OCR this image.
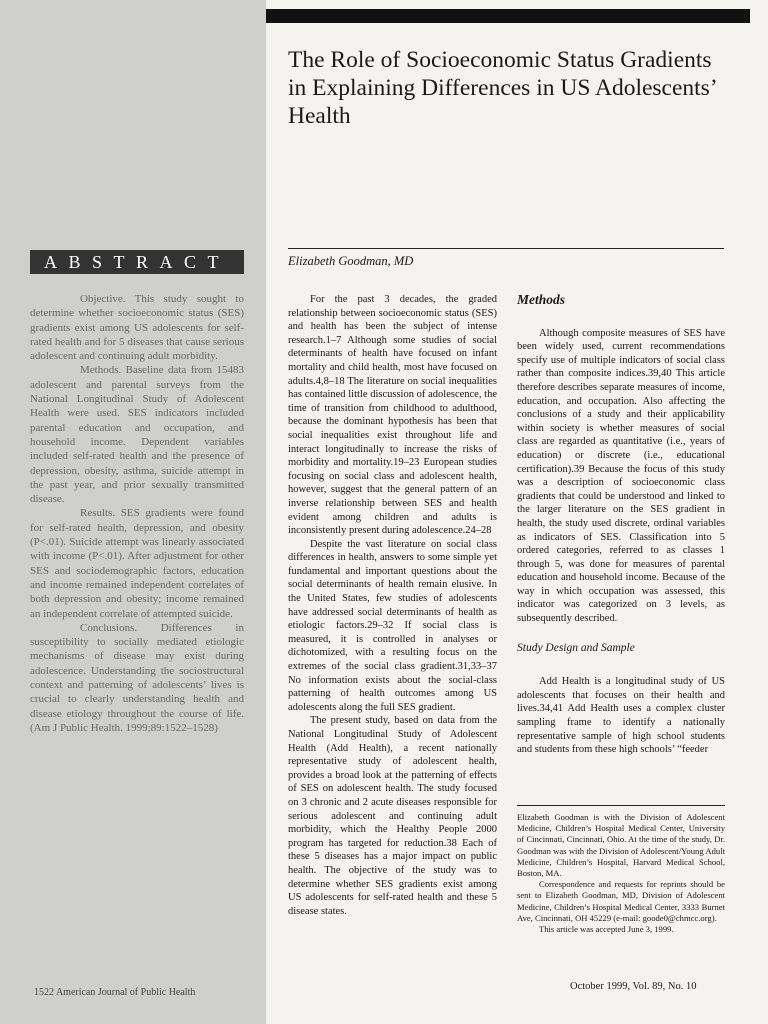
The Role of Socioeconomic Status Gradients in Explaining Differences in US Adolescents’ Health
ABSTRACT	Elizabeth Goodman, MD

Objective. This study sought to determine whether socioeconomic status (SES) gradients exist among US adolescents for self-rated health and for 5 diseases that cause serious adolescent and continuing adult morbidity.

Methods. Baseline data from 15483 adolescent and parental surveys from the National Longitudinal Study of Adolescent Health were used. SES indicators included parental education and occupation, and household income. Dependent variables included self-rated health and the presence of depression, obesity, asthma, suicide attempt in the past year, and prior sexually transmitted disease.

Results. SES gradients were found for self-rated health, depression, and obesity (P<.01). Suicide attempt was linearly associated with income (P<.01). After adjustment for other SES and sociodemographic factors, education and income remained independent correlates of both depression and obesity; income remained an independent correlate of attempted suicide.

Conclusions. Differences in susceptibility to socially mediated etiologic mechanisms of disease may exist during adolescence. Understanding the sociostructural context and patterning of adolescents’ lives is crucial to clearly understanding health and disease etiology throughout the course of life. (Am J Public Health. 1999;89:1522–1528)

For the past 3 decades, the graded relationship between socioeconomic status (SES) and health has been the subject of intense research.1–7 Although some studies of social determinants of health have focused on infant mortality and child health, most have focused on adults.4,8–18 The literature on social inequalities has contained little discussion of adolescence, the time of transition from childhood to adulthood, because the dominant hypothesis has been that social inequalities exist throughout life and interact longitudinally to increase the risks of morbidity and mortality.19–23 European studies focusing on social class and adolescent health, however, suggest that the general pattern of an inverse relationship between SES and health evident among children and adults is inconsistently present during adolescence.24–28

Despite the vast literature on social class differences in health, answers to some simple yet fundamental and important questions about the social determinants of health remain elusive. In the United States, few studies of adolescents have addressed social determinants of health as etiologic factors.29–32 If social class is measured, it is controlled in analyses or dichotomized, with a resulting focus on the extremes of the social class gradient.31,33–37 No information exists about the social-class patterning of health outcomes among US adolescents along the full SES gradient.

The present study, based on data from the National Longitudinal Study of Adolescent Health (Add Health), a recent nationally representative study of adolescent health, provides a broad look at the patterning of effects of SES on adolescent health. The study focused on 3 chronic and 2 acute diseases responsible for serious adolescent and continuing adult morbidity, which the Healthy People 2000 program has targeted for reduction.38 Each of these 5 diseases has a major impact on public health. The objective of the study was to determine whether SES gradients exist among US adolescents for self-rated health and these 5 disease states.

Methods

Although composite measures of SES have been widely used, current recommendations specify use of multiple indicators of social class rather than composite indices.39,40 This article therefore describes separate measures of income, education, and occupation. Also affecting the conclusions of a study and their applicability within society is whether measures of social class are regarded as quantitative (i.e., years of education) or discrete (i.e., educational certification).39 Because the focus of this study was a description of socioeconomic class gradients that could be understood and linked to the larger literature on the SES gradient in health, the study used discrete, ordinal variables as indicators of SES. Classification into 5 ordered categories, referred to as classes 1 through 5, was done for measures of parental education and household income. Because of the way in which occupation was assessed, this indicator was categorized on 3 levels, as subsequently described.

Study Design and Sample

Add Health is a longitudinal study of US adolescents that focuses on their health and lives.34,41 Add Health uses a complex cluster sampling frame to identify a nationally representative sample of high school students and students from these high schools’ “feeder

Elizabeth Goodman is with the Division of Adolescent Medicine, Children’s Hospital Medical Center, University of Cincinnati, Cincinnati, Ohio. At the time of the study, Dr. Goodman was with the Division of Adolescent/Young Adult Medicine, Children’s Hospital, Harvard Medical School, Boston, MA.

Correspondence and requests for reprints should be sent to Elizabeth Goodman, MD, Division of Adolescent Medicine, Children’s Hospital Medical Center, 3333 Burnet Ave, Cincinnati, OH 45229 (e-mail: goode0@chmcc.org).

This article was accepted June 3, 1999.

1522 American Journal of Public Health
October 1999, Vol. 89, No. 10
